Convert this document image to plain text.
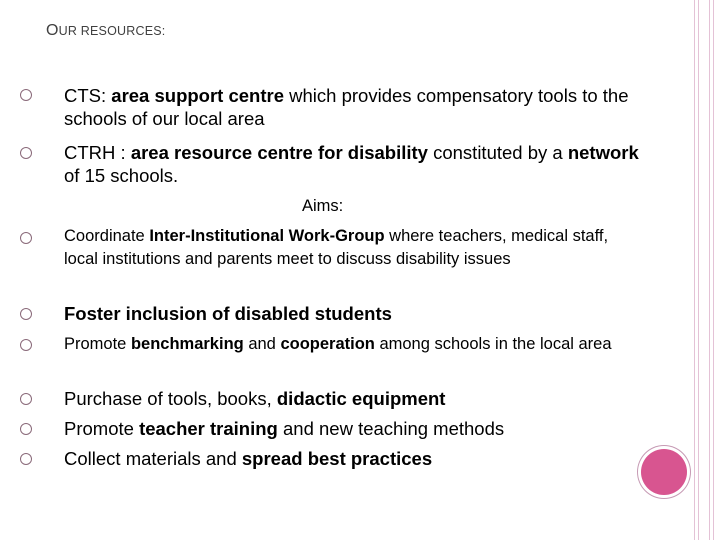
OUR RESOURCES:
CTS: area support centre which provides compensatory tools to the schools of our local area
CTRH : area resource centre for disability constituted by a network of 15 schools.
Aims:
Coordinate Inter-Institutional Work-Group where teachers, medical staff, local institutions and parents meet to discuss disability issues
Foster inclusion of disabled students
Promote benchmarking and cooperation among schools in the local area
Purchase of tools, books, didactic equipment
Promote teacher training and new teaching methods
Collect materials and spread best practices
